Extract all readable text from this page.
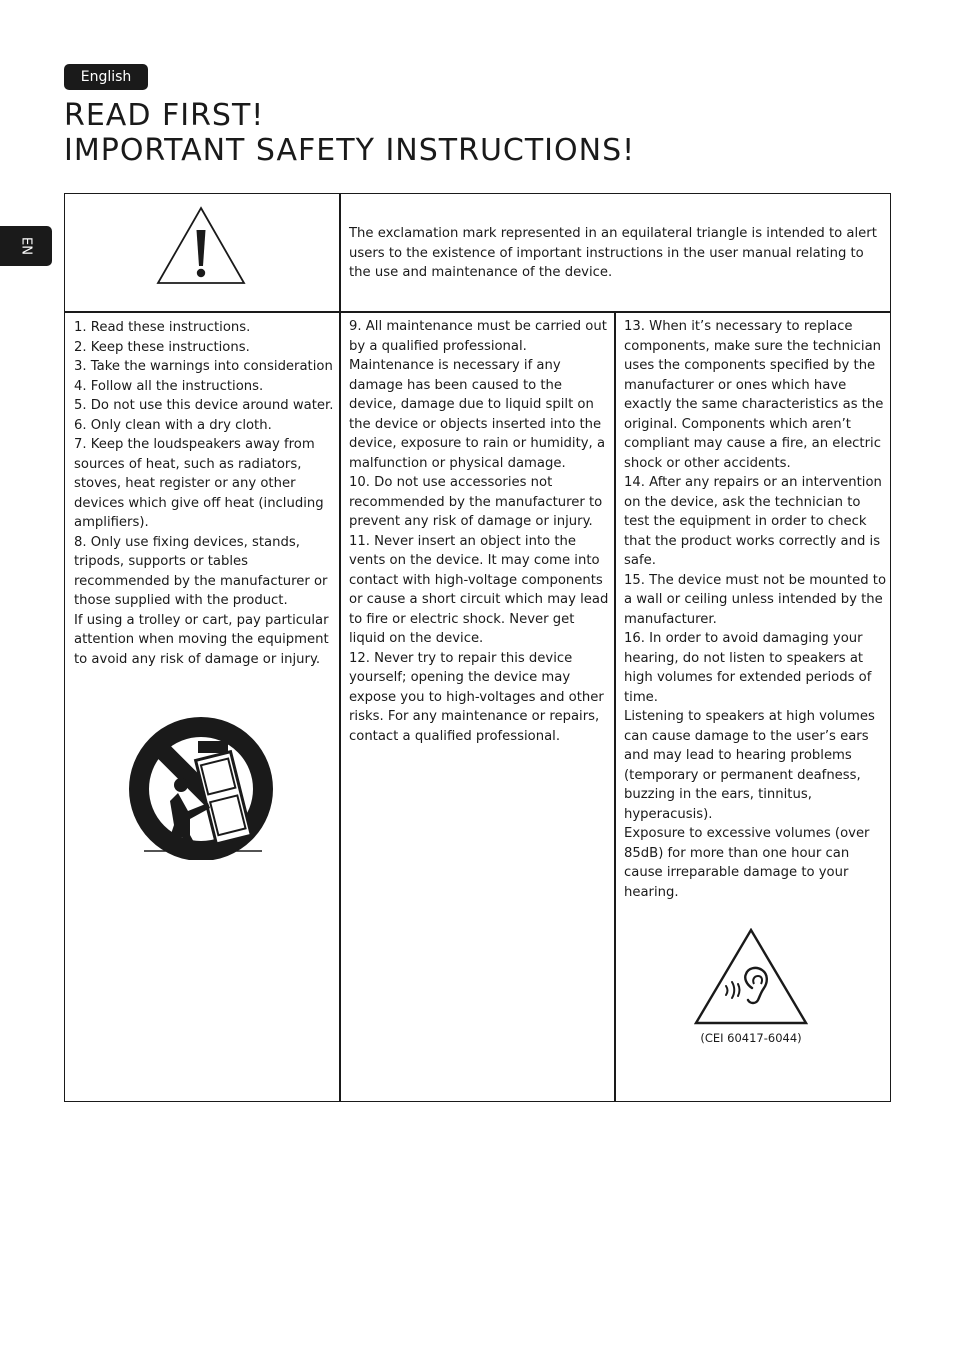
English
READ FIRST!
IMPORTANT SAFETY INSTRUCTIONS!
EN
The exclamation mark represented in an equilateral triangle is intended to alert users to the existence of important instructions in the user manual relating to the use and maintenance of the device.

1. Read these instructions.

2. Keep these instructions.

3. Take the warnings into consideration

4. Follow all the instructions.

5. Do not use this device around water.

6. Only clean with a dry cloth.

7. Keep the loudspeakers away from sources of heat, such as radiators, stoves, heat register or any other devices which give off heat (including amplifiers).

8. Only use fixing devices, stands, tripods, supports or tables recommended by the manufacturer or those supplied with the product.

If using a trolley or cart, pay particular attention when moving the equipment to avoid any risk of damage or injury.

9. All maintenance must be carried out by a qualified professional. Maintenance is necessary if any damage has been caused to the device, damage due to liquid spilt on the device or objects inserted into the device, exposure to rain or humidity, a malfunction or physical damage.

10. Do not use accessories not recommended by the manufacturer to prevent any risk of damage or injury.

11. Never insert an object into the vents on the device. It may come into contact with high-voltage components or cause a short circuit which may lead to fire or electric shock. Never get liquid on the device.

12. Never try to repair this device yourself; opening the device may expose you to high-voltages and other risks. For any maintenance or repairs, contact a qualified professional.

13. When it’s necessary to replace components, make sure the technician uses the components specified by the manufacturer or ones which have exactly the same characteristics as the original. Components which aren’t compliant may cause a fire, an electric shock or other accidents.

14. After any repairs or an intervention on the device, ask the technician to test the equipment in order to check that the product works correctly and is safe.

15. The device must not be mounted to a wall or ceiling unless intended by the manufacturer.

16. In order to avoid damaging your hearing, do not listen to speakers at high volumes for extended periods of time.

Listening to speakers at high volumes can cause damage to the user’s ears and may lead to hearing problems (temporary or permanent deafness, buzzing in the ears, tinnitus, hyperacusis).

Exposure to excessive volumes (over 85dB) for more than one hour can cause irreparable damage to your hearing.

(CEI 60417-6044)
